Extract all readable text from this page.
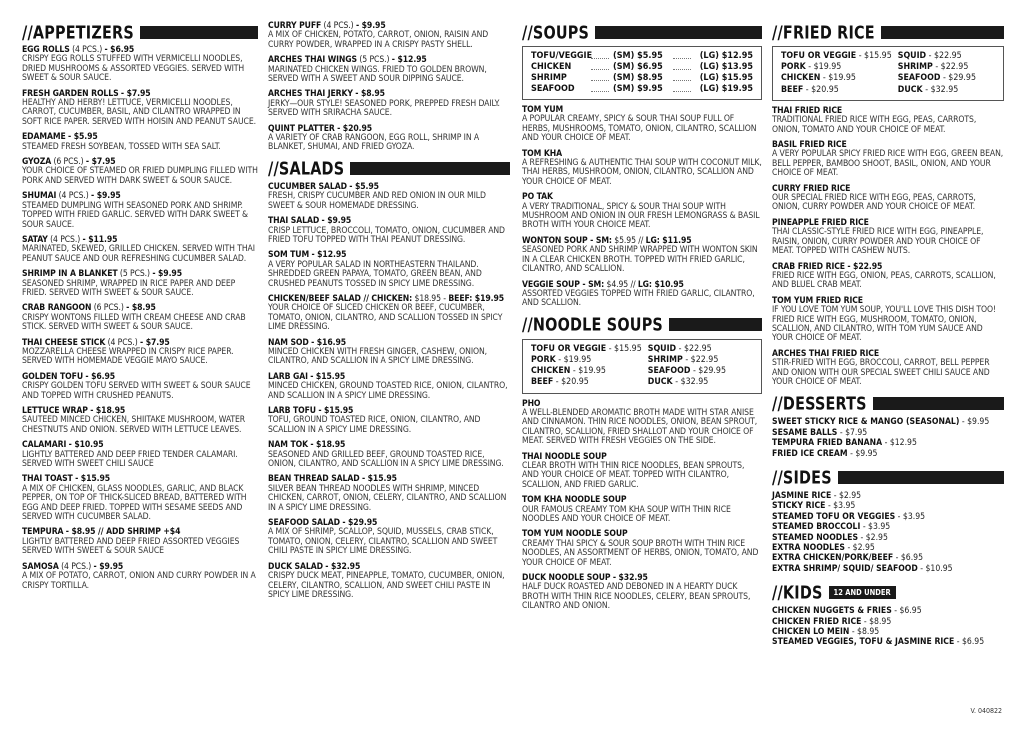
//APPETIZERS
EGG ROLLS (4 PCS.) - $6.95
CRISPY EGG ROLLS STUFFED WITH VERMICELLI NOODLES, DRIED MUSHROOMS & ASSORTED VEGGIES. SERVED WITH SWEET & SOUR SAUCE.
FRESH GARDEN ROLLS - $7.95
HEALTHY AND HERBY! LETTUCE, VERMICELLI NOODLES, CARROT, CUCUMBER, BASIL, AND CILANTRO WRAPPED IN SOFT RICE PAPER. SERVED WITH HOISIN AND PEANUT SAUCE.
EDAMAME - $5.95
STEAMED FRESH SOYBEAN, TOSSED WITH SEA SALT.
GYOZA (6 PCS.) - $7.95
YOUR CHOICE OF STEAMED OR FRIED DUMPLING FILLED WITH PORK AND SERVED WITH DARK SWEET & SOUR SAUCE.
SHUMAI (4 PCS.) - $9.95
STEAMED DUMPLING WITH SEASONED PORK AND SHRIMP. TOPPED WITH FRIED GARLIC. SERVED WITH DARK SWEET & SOUR SAUCE.
SATAY (4 PCS.) - $11.95
MARINATED, SKEWED, GRILLED CHICKEN. SERVED WITH THAI PEANUT SAUCE AND OUR REFRESHING CUCUMBER SALAD.
SHRIMP IN A BLANKET (5 PCS.) - $9.95
SEASONED SHRIMP, WRAPPED IN RICE PAPER AND DEEP FRIED. SERVED WITH SWEET & SOUR SAUCE.
CRAB RANGOON (6 PCS.) - $8.95
CRISPY WONTONS FILLED WITH CREAM CHEESE AND CRAB STICK. SERVED WITH SWEET & SOUR SAUCE.
THAI CHEESE STICK (4 PCS.) - $7.95
MOZZARELLA CHEESE WRAPPED IN CRISPY RICE PAPER. SERVED WITH HOMEMADE VEGGIE MAYO SAUCE.
GOLDEN TOFU - $6.95
CRISPY GOLDEN TOFU SERVED WITH SWEET & SOUR SAUCE AND TOPPED WITH CRUSHED PEANUTS.
LETTUCE WRAP - $18.95
SAUTEED MINCED CHICKEN, SHIITAKE MUSHROOM, WATER CHESTNUTS AND ONION. SERVED WITH LETTUCE LEAVES.
CALAMARI - $10.95
LIGHTLY BATTERED AND DEEP FRIED TENDER CALAMARI. SERVED WITH SWEET CHILI SAUCE
THAI TOAST - $15.95
A MIX OF CHICKEN, GLASS NOODLES, GARLIC, AND BLACK PEPPER, ON TOP OF THICK-SLICED BREAD, BATTERED WITH EGG AND DEEP FRIED. TOPPED WITH SESAME SEEDS AND SERVED WITH CUCUMBER SALAD.
TEMPURA - $8.95 // ADD SHRIMP +$4
LIGHTLY BATTERED AND DEEP FRIED ASSORTED VEGGIES SERVED WITH SWEET & SOUR SAUCE
SAMOSA (4 PCS.) - $9.95
A MIX OF POTATO, CARROT, ONION AND CURRY POWDER IN A CRISPY TORTILLA.
CURRY PUFF (4 PCS.) - $9.95
A MIX OF CHICKEN, POTATO, CARROT, ONION, RAISIN AND CURRY POWDER, WRAPPED IN A CRISPY PASTY SHELL.
ARCHES THAI WINGS (5 PCS.) - $12.95
MARINATED CHICKEN WINGS. FRIED TO GOLDEN BROWN, SERVED WITH A SWEET AND SOUR DIPPING SAUCE.
ARCHES THAI JERKY - $8.95
JERKY—OUR STYLE! SEASONED PORK, PREPPED FRESH DAILY. SERVED WITH SRIRACHA SAUCE.
QUINT PLATTER - $20.95
A VARIETY OF CRAB RANGOON, EGG ROLL, SHRIMP IN A BLANKET, SHUMAI, AND FRIED GYOZA.
//SALADS
CUCUMBER SALAD - $5.95
FRESH, CRISPY CUCUMBER AND RED ONION IN OUR MILD SWEET & SOUR HOMEMADE DRESSING.
THAI SALAD - $9.95
CRISP LETTUCE, BROCCOLI, TOMATO, ONION, CUCUMBER AND FRIED TOFU TOPPED WITH THAI PEANUT DRESSING.
SOM TUM - $12.95
A VERY POPULAR SALAD IN NORTHEASTERN THAILAND. SHREDDED GREEN PAPAYA, TOMATO, GREEN BEAN, AND CRUSHED PEANUTS TOSSED IN SPICY LIME DRESSING.
CHICKEN/BEEF SALAD // CHICKEN: $18.95 - BEEF: $19.95
YOUR CHOICE OF SLICED CHICKEN OR BEEF, CUCUMBER, TOMATO, ONION, CILANTRO, AND SCALLION TOSSED IN SPICY LIME DRESSING.
NAM SOD - $16.95
MINCED CHICKEN WITH FRESH GINGER, CASHEW, ONION, CILANTRO, AND SCALLION IN A SPICY LIME DRESSING.
LARB GAI - $15.95
MINCED CHICKEN, GROUND TOASTED RICE, ONION, CILANTRO, AND SCALLION IN A SPICY LIME DRESSING.
LARB TOFU - $15.95
TOFU, GROUND TOASTED RICE, ONION, CILANTRO, AND SCALLION IN A SPICY LIME DRESSING.
NAM TOK - $18.95
SEASONED AND GRILLED BEEF, GROUND TOASTED RICE, ONION, CILANTRO, AND SCALLION IN A SPICY LIME DRESSING.
BEAN THREAD SALAD - $15.95
SILVER BEAN THREAD NOODLES WITH SHRIMP, MINCED CHICKEN, CARROT, ONION, CELERY, CILANTRO, AND SCALLION IN A SPICY LIME DRESSING.
SEAFOOD SALAD - $29.95
A MIX OF SHRIMP, SCALLOP, SQUID, MUSSELS, CRAB STICK, TOMATO, ONION, CELERY, CILANTRO, SCALLION AND SWEET CHILI PASTE IN SPICY LIME DRESSING.
DUCK SALAD - $32.95
CRISPY DUCK MEAT, PINEAPPLE, TOMATO, CUCUMBER, ONION, CELERY, CILANTRO, SCALLION, AND SWEET CHILI PASTE IN SPICY LIME DRESSING.
//SOUPS
TOFU/VEGGIE (SM) $5.95	(LG) $12.95
CHICKEN	(SM) $6.95	(LG) $13.95
SHRIMP	(SM) $8.95	(LG) $15.95
SEAFOOD	(SM) $9.95	(LG) $19.95
TOM YUM
A POPULAR CREAMY, SPICY & SOUR THAI SOUP FULL OF HERBS, MUSHROOMS, TOMATO, ONION, CILANTRO, SCALLION AND YOUR CHOICE OF MEAT.
TOM KHA
A REFRESHING & AUTHENTIC THAI SOUP WITH COCONUT MILK, THAI HERBS, MUSHROOM, ONION, CILANTRO, SCALLION AND YOUR CHOICE OF MEAT.
PO TAK
A VERY TRADITIONAL, SPICY & SOUR THAI SOUP WITH MUSHROOM AND ONION IN OUR FRESH LEMONGRASS & BASIL BROTH WITH YOUR CHOICE MEAT.
WONTON SOUP - SM: $5.95 // LG: $11.95
SEASONED PORK AND SHRIMP WRAPPED WITH WONTON SKIN IN A CLEAR CHICKEN BROTH. TOPPED WITH FRIED GARLIC, CILANTRO, AND SCALLION.
VEGGIE SOUP - SM: $4.95 // LG: $10.95
ASSORTED VEGGIES TOPPED WITH FRIED GARLIC, CILANTRO, AND SCALLION.
//NOODLE SOUPS
TOFU OR VEGGIE - $15.95 SQUID - $22.95
PORK - $19.95	SHRIMP - $22.95
CHICKEN - $19.95	SEAFOOD - $29.95
BEEF - $20.95	DUCK - $32.95
PHO
A WELL-BLENDED AROMATIC BROTH MADE WITH STAR ANISE AND CINNAMON. THIN RICE NOODLES, ONION, BEAN SPROUT, CILANTRO, SCALLION, FRIED SHALLOT AND YOUR CHOICE OF MEAT. SERVED WITH FRESH VEGGIES ON THE SIDE.
THAI NOODLE SOUP
CLEAR BROTH WITH THIN RICE NOODLES, BEAN SPROUTS, AND YOUR CHOICE OF MEAT. TOPPED WITH CILANTRO, SCALLION, AND FRIED GARLIC.
TOM KHA NOODLE SOUP
OUR FAMOUS CREAMY TOM KHA SOUP WITH THIN RICE NOODLES AND YOUR CHOICE OF MEAT.
TOM YUM NOODLE SOUP
CREAMY THAI SPICY & SOUR SOUP BROTH WITH THIN RICE NOODLES, AN ASSORTMENT OF HERBS, ONION, TOMATO, AND YOUR CHOICE OF MEAT.
DUCK NOODLE SOUP - $32.95
HALF DUCK ROASTED AND DEBONED IN A HEARTY DUCK BROTH WITH THIN RICE NOODLES, CELERY, BEAN SPROUTS, CILANTRO AND ONION.
//FRIED RICE
TOFU OR VEGGIE - $15.95 SQUID - $22.95
PORK - $19.95	SHRIMP - $22.95
CHICKEN - $19.95	SEAFOOD - $29.95
BEEF - $20.95	DUCK - $32.95
THAI FRIED RICE
TRADITIONAL FRIED RICE WITH EGG, PEAS, CARROTS, ONION, TOMATO AND YOUR CHOICE OF MEAT.
BASIL FRIED RICE
A VERY POPULAR SPICY FRIED RICE WITH EGG, GREEN BEAN, BELL PEPPER, BAMBOO SHOOT, BASIL, ONION, AND YOUR CHOICE OF MEAT.
CURRY FRIED RICE
OUR SPECIAL FRIED RICE WITH EGG, PEAS, CARROTS, ONION, CURRY POWDER AND YOUR CHOICE OF MEAT.
PINEAPPLE FRIED RICE
THAI CLASSIC-STYLE FRIED RICE WITH EGG, PINEAPPLE, RAISIN, ONION, CURRY POWDER AND YOUR CHOICE OF MEAT. TOPPED WITH CASHEW NUTS.
CRAB FRIED RICE - $22.95
FRIED RICE WITH EGG, ONION, PEAS, CARROTS, SCALLION, AND BLUEL CRAB MEAT.
TOM YUM FRIED RICE
IF YOU LOVE TOM YUM SOUP, YOU'LL LOVE THIS DISH TOO! FRIED RICE WITH EGG, MUSHROOM, TOMATO, ONION, SCALLION, AND CILANTRO, WITH TOM YUM SAUCE AND YOUR CHOICE OF MEAT.
ARCHES THAI FRIED RICE
STIR-FRIED WITH EGG, BROCCOLI, CARROT, BELL PEPPER AND ONION WITH OUR SPECIAL SWEET CHILI SAUCE AND YOUR CHOICE OF MEAT.
//DESSERTS
SWEET STICKY RICE & MANGO (SEASONAL) - $9.95
SESAME BALLS - $7.95
TEMPURA FRIED BANANA - $12.95
FRIED ICE CREAM - $9.95
//SIDES
JASMINE RICE - $2.95
STICKY RICE - $3.95
STEAMED TOFU OR VEGGIES - $3.95
STEAMED BROCCOLI - $3.95
STEAMED NOODLES - $2.95
EXTRA NOODLES - $2.95
EXTRA CHICKEN/PORK/BEEF - $6.95
EXTRA SHRIMP/ SQUID/ SEAFOOD - $10.95
//KIDS	12 AND UNDER
CHICKEN NUGGETS & FRIES - $6.95
CHICKEN FRIED RICE - $8.95
CHICKEN LO MEIN - $8.95
STEAMED VEGGIES, TOFU & JASMINE RICE - $6.95
V. 040822
